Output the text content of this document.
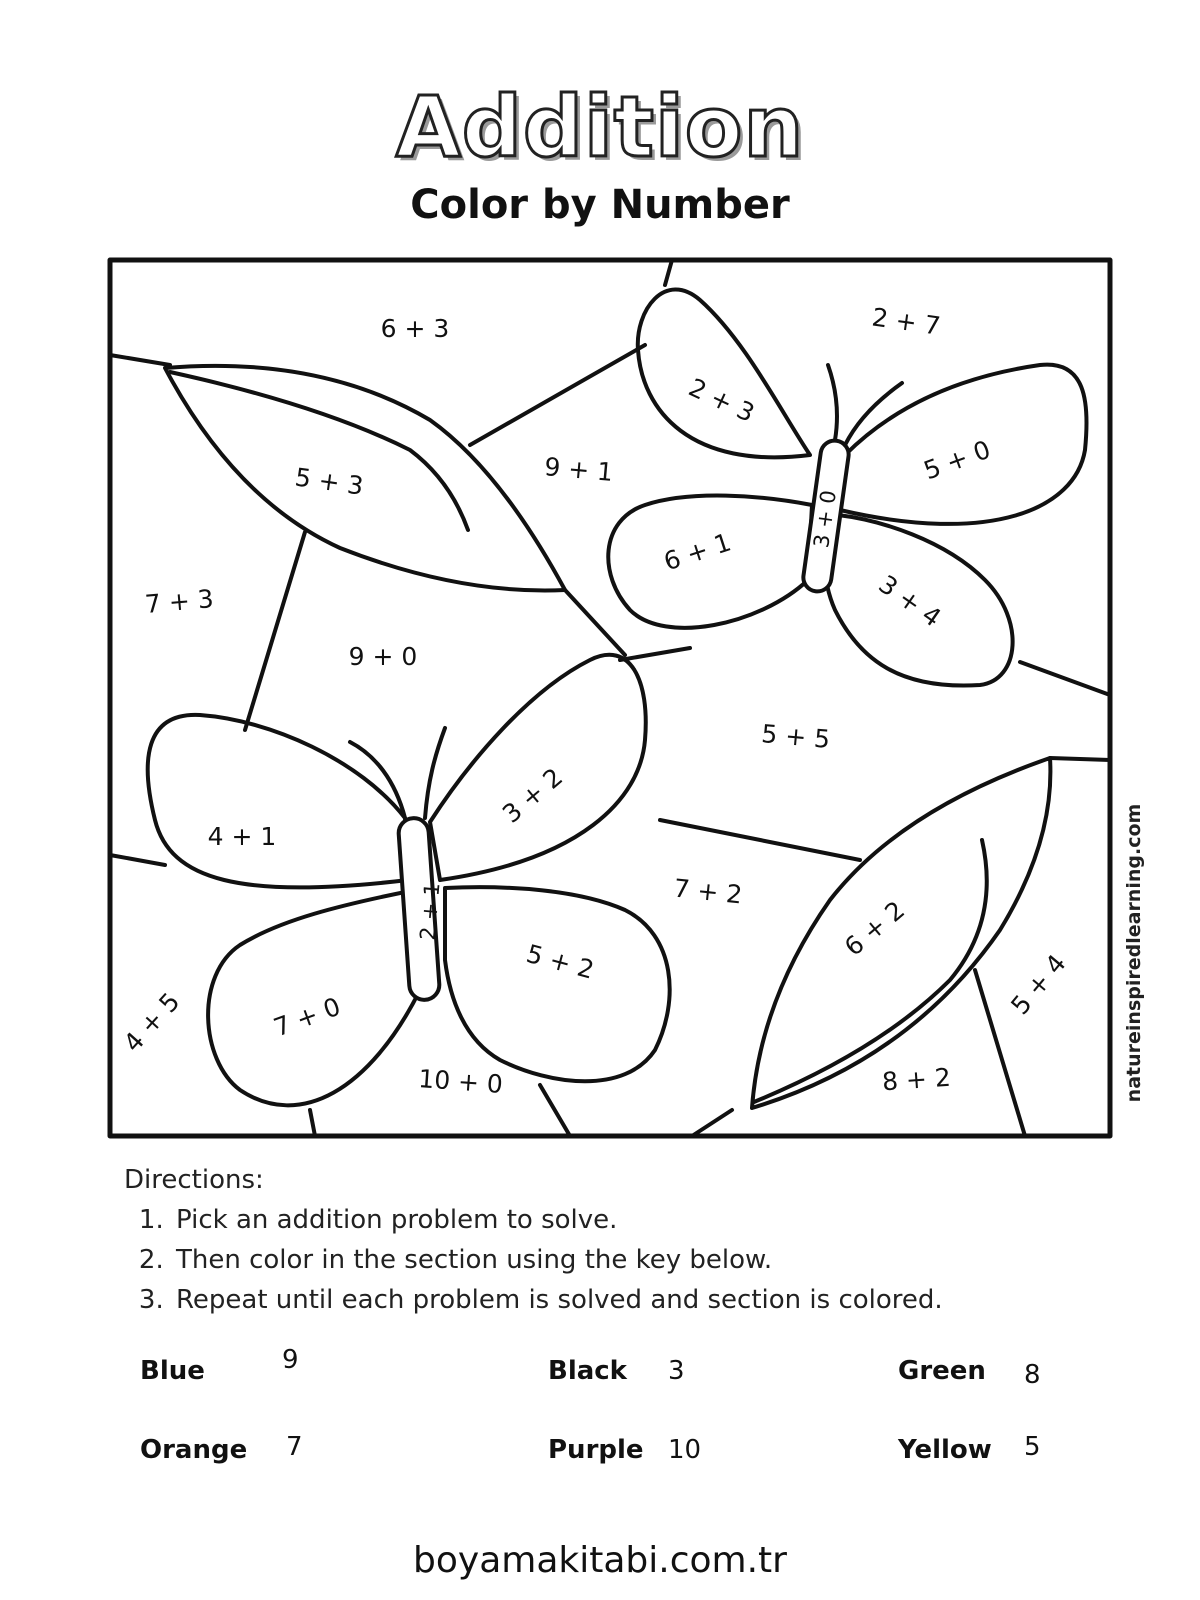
Addition
Color by Number
6 + 3	2 + 7
2 + 3
5 + 0
3 + 0
9 + 1
5 + 3
6 + 1
3 + 4
7 + 3
9 + 0
5 + 5
3 + 2
4 + 1
2 + 1	7 + 2
6 + 2
5 + 4
5 + 2
4 + 5	7 + 0
10 + 0	8 + 2	natureinspiredlearning.com
Directions:
1. Pick an addition problem to solve.
2. Then color in the section using the key below.
3. Repeat until each problem is solved and section is colored.
Blue	9	Black 3	Green 8
Orange 7	Purple 10	Yellow 5
boyamakitabi.com.tr
